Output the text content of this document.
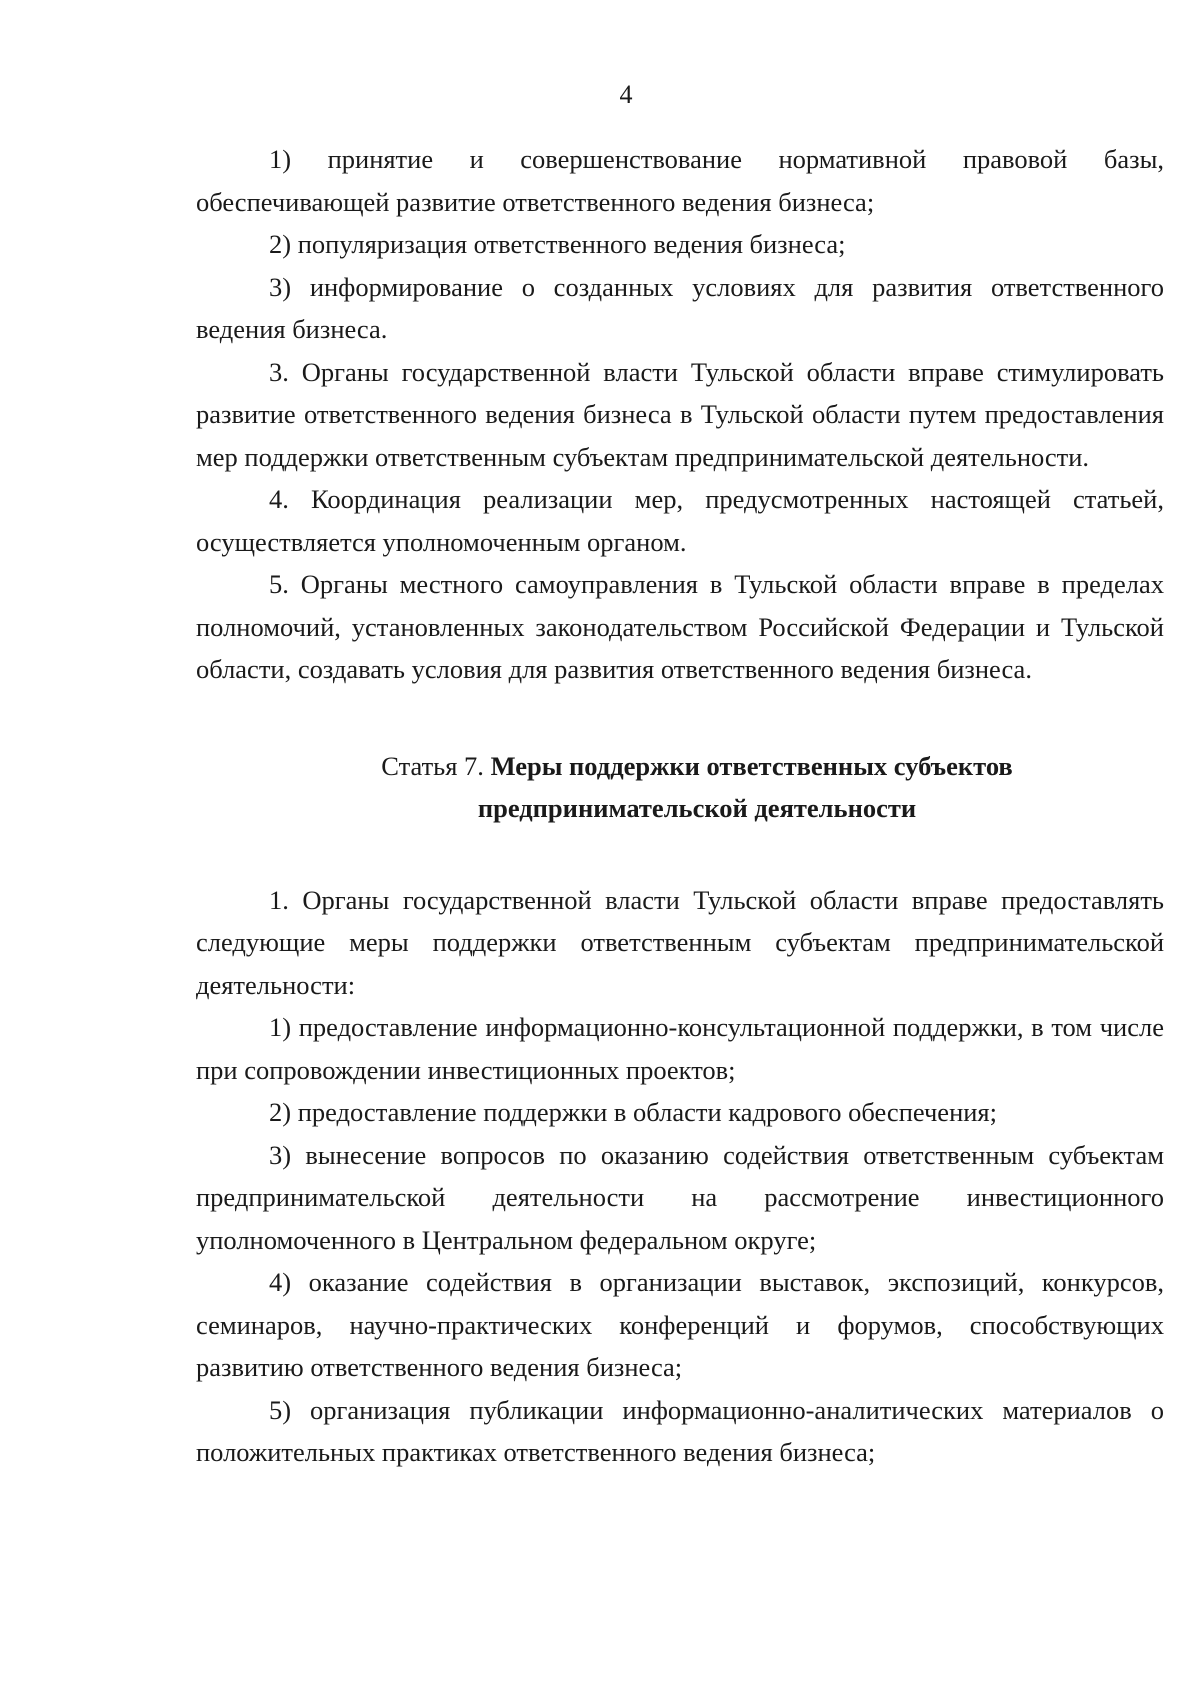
4

1) принятие и совершенствование нормативной правовой базы, обеспечивающей развитие ответственного ведения бизнеса;

2) популяризация ответственного ведения бизнеса;

3) информирование о созданных условиях для развития ответственного ведения бизнеса.

3. Органы государственной власти Тульской области вправе стимулировать развитие ответственного ведения бизнеса в Тульской области путем предоставления мер поддержки ответственным субъектам предпринимательской деятельности.

4. Координация реализации мер, предусмотренных настоящей статьей, осуществляется уполномоченным органом.

5. Органы местного самоуправления в Тульской области вправе в пределах полномочий, установленных законодательством Российской Федерации и Тульской области, создавать условия для развития ответственного ведения бизнеса.

Статья 7. Меры поддержки ответственных субъектов
предпринимательской деятельности

1. Органы государственной власти Тульской области вправе предоставлять следующие меры поддержки ответственным субъектам предпринимательской деятельности:

1) предоставление информационно-консультационной поддержки, в том числе при сопровождении инвестиционных проектов;

2) предоставление поддержки в области кадрового обеспечения;

3) вынесение вопросов по оказанию содействия ответственным субъектам предпринимательской деятельности на рассмотрение инвестиционного уполномоченного в Центральном федеральном округе;

4) оказание содействия в организации выставок, экспозиций, конкурсов, семинаров, научно-практических конференций и форумов, способствующих развитию ответственного ведения бизнеса;

5) организация публикации информационно-аналитических материалов о положительных практиках ответственного ведения бизнеса;
